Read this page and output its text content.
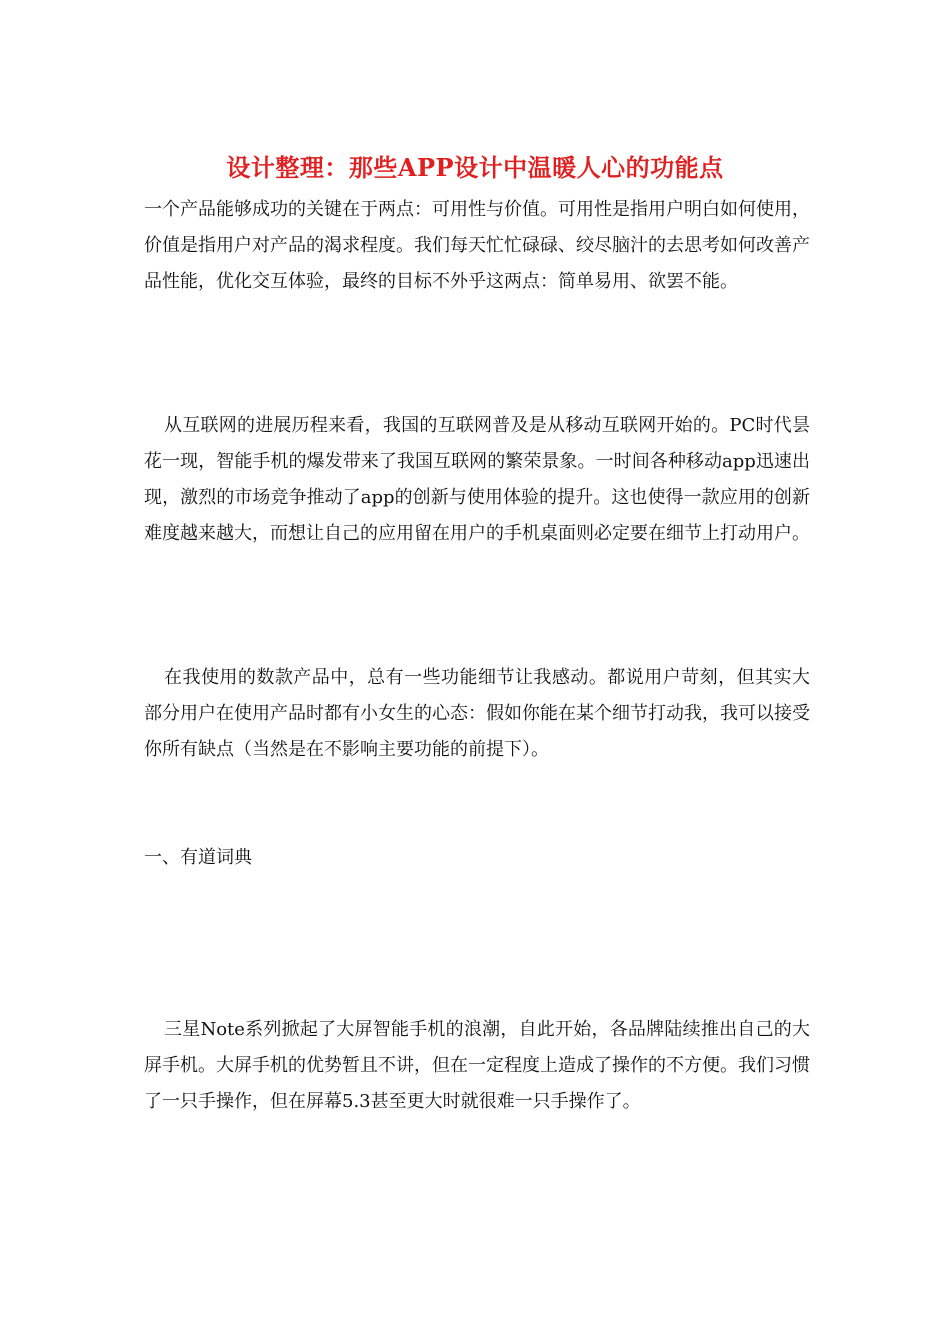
设计整理：那些APP设计中温暖人心的功能点

一个产品能够成功的关键在于两点：可用性与价值。可用性是指用户明白如何使用，价值是指用户对产品的渴求程度。我们每天忙忙碌碌、绞尽脑汁的去思考如何改善产品性能，优化交互体验，最终的目标不外乎这两点：简单易用、欲罢不能。

从互联网的进展历程来看，我国的互联网普及是从移动互联网开始的。PC时代昙花一现，智能手机的爆发带来了我国互联网的繁荣景象。一时间各种移动app迅速出现，激烈的市场竞争推动了app的创新与使用体验的提升。这也使得一款应用的创新难度越来越大，而想让自己的应用留在用户的手机桌面则必定要在细节上打动用户。

在我使用的数款产品中，总有一些功能细节让我感动。都说用户苛刻，但其实大部分用户在使用产品时都有小女生的心态：假如你能在某个细节打动我，我可以接受你所有缺点（当然是在不影响主要功能的前提下）。

一、有道词典

三星Note系列掀起了大屏智能手机的浪潮，自此开始，各品牌陆续推出自己的大屏手机。大屏手机的优势暂且不讲，但在一定程度上造成了操作的不方便。我们习惯了一只手操作，但在屏幕5.3甚至更大时就很难一只手操作了。
